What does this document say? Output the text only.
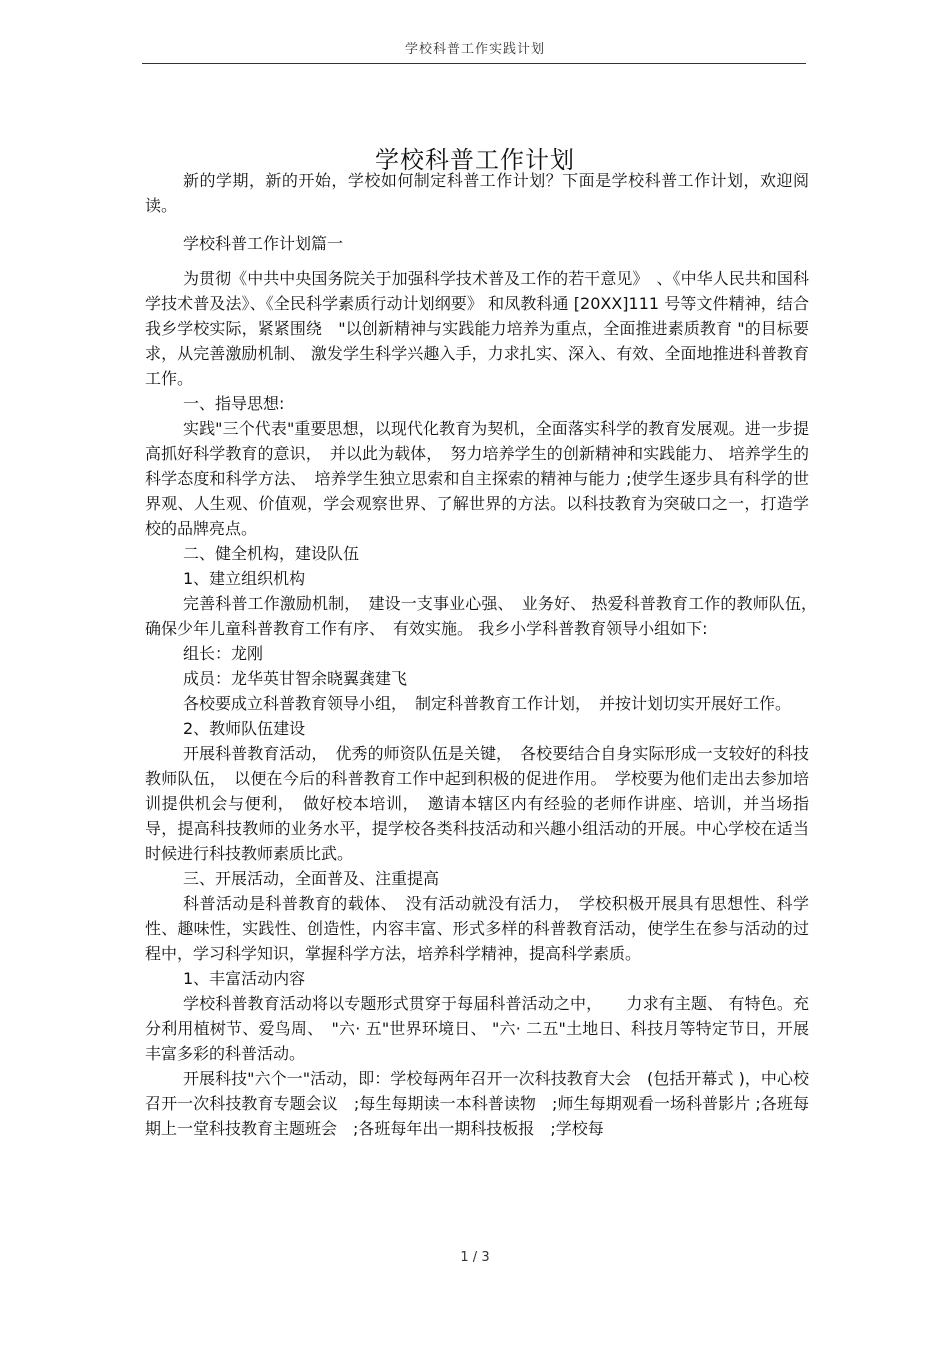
学校科普工作实践计划
学校科普工作计划

新的学期，新的开始，学校如何制定科普工作计划？下面是学校科普工作计划，欢迎阅读。

学校科普工作计划篇一

为贯彻《中共中央国务院关于加强科学技术普及工作的若干意见》　、《中华人民共和国科学技术普及法》、《全民科学素质行动计划纲要》 和凤教科通 [20XX]111 号等文件精神，结合我乡学校实际，紧紧围绕　"以创新精神与实践能力培养为重点，全面推进素质教育 "的目标要求，从完善激励机制、 激发学生科学兴趣入手，力求扎实、深入、有效、全面地推进科普教育工作。

一、指导思想:

实践"三个代表"重要思想，以现代化教育为契机，全面落实科学的教育发展观。进一步提高抓好科学教育的意识，　并以此为载体，　努力培养学生的创新精神和实践能力、 培养学生的科学态度和科学方法、　培养学生独立思索和自主探索的精神与能力 ;使学生逐步具有科学的世界观、人生观、价值观，学会观察世界、了解世界的方法。以科技教育为突破口之一，打造学校的品牌亮点。

二、健全机构，建设队伍

1、建立组织机构

完善科普工作激励机制，　建设一支事业心强、　业务好、 热爱科普教育工作的教师队伍，　确保少年儿童科普教育工作有序、　有效实施。 我乡小学科普教育领导小组如下:

组长：龙刚

成员：龙华英甘智余晓翼龚建飞

各校要成立科普教育领导小组，　制定科普教育工作计划，　并按计划切实开展好工作。

2、教师队伍建设

开展科普教育活动，　优秀的师资队伍是关键，　各校要结合自身实际形成一支较好的科技教师队伍，　以便在今后的科普教育工作中起到积极的促进作用。　学校要为他们走出去参加培训提供机会与便利，　做好校本培训，　邀请本辖区内有经验的老师作讲座、培训，并当场指导，提高科技教师的业务水平，提学校各类科技活动和兴趣小组活动的开展。中心学校在适当时候进行科技教师素质比武。

三、开展活动，全面普及、注重提高

科普活动是科普教育的载体、　没有活动就没有活力，　学校积极开展具有思想性、科学性、趣味性，实践性、创造性，内容丰富、形式多样的科普教育活动，使学生在参与活动的过程中，学习科学知识，掌握科学方法，培养科学精神，提高科学素质。

1、丰富活动内容

学校科普教育活动将以专题形式贯穿于每届科普活动之中，　　力求有主题、 有特色。充分利用植树节、爱鸟周、　"六· 五"世界环境日、 "六· 二五"土地日、科技月等特定节日，开展丰富多彩的科普活动。

开展科技"六个一"活动，即：学校每两年召开一次科技教育大会　(包括开幕式 )，中心校召开一次科技教育专题会议　;每生每期读一本科普读物　;师生每期观看一场科普影片 ;各班每期上一堂科技教育主题班会　;各班每年出一期科技板报　;学校每

1 / 3
